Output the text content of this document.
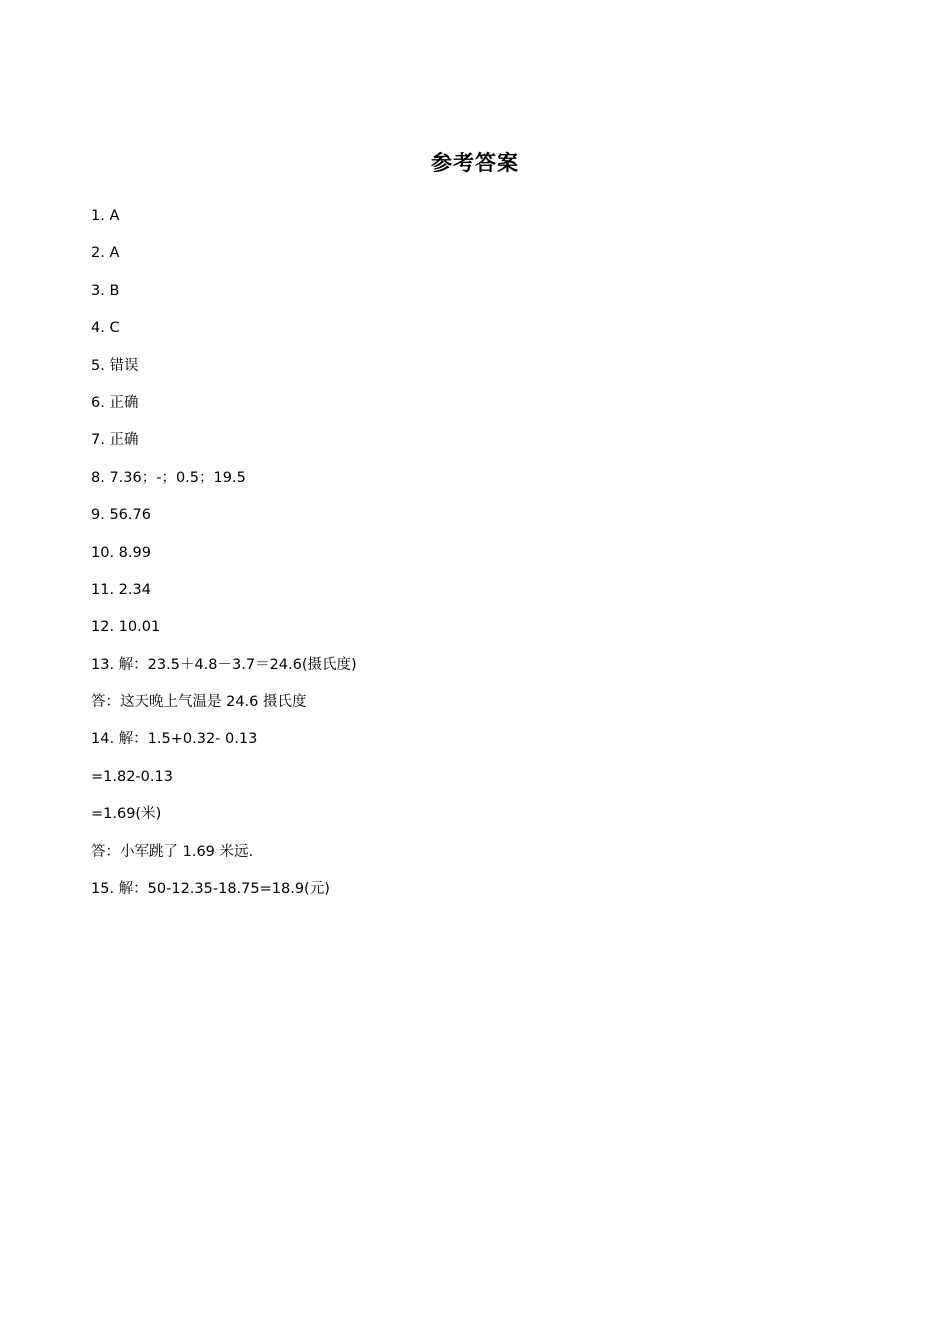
参考答案
1. A
2. A
3. B
4. C
5. 错误
6. 正确
7. 正确
8. 7.36；-；0.5；19.5
9. 56.76
10. 8.99
11. 2.34
12. 10.01
13. 解：23.5＋4.8－3.7＝24.6(摄氏度)
答：这天晚上气温是 24.6 摄氏度
14. 解：1.5+0.32- 0.13
=1.82-0.13
=1.69(米)
答：小军跳了 1.69 米远.
15. 解：50-12.35-18.75=18.9(元)
